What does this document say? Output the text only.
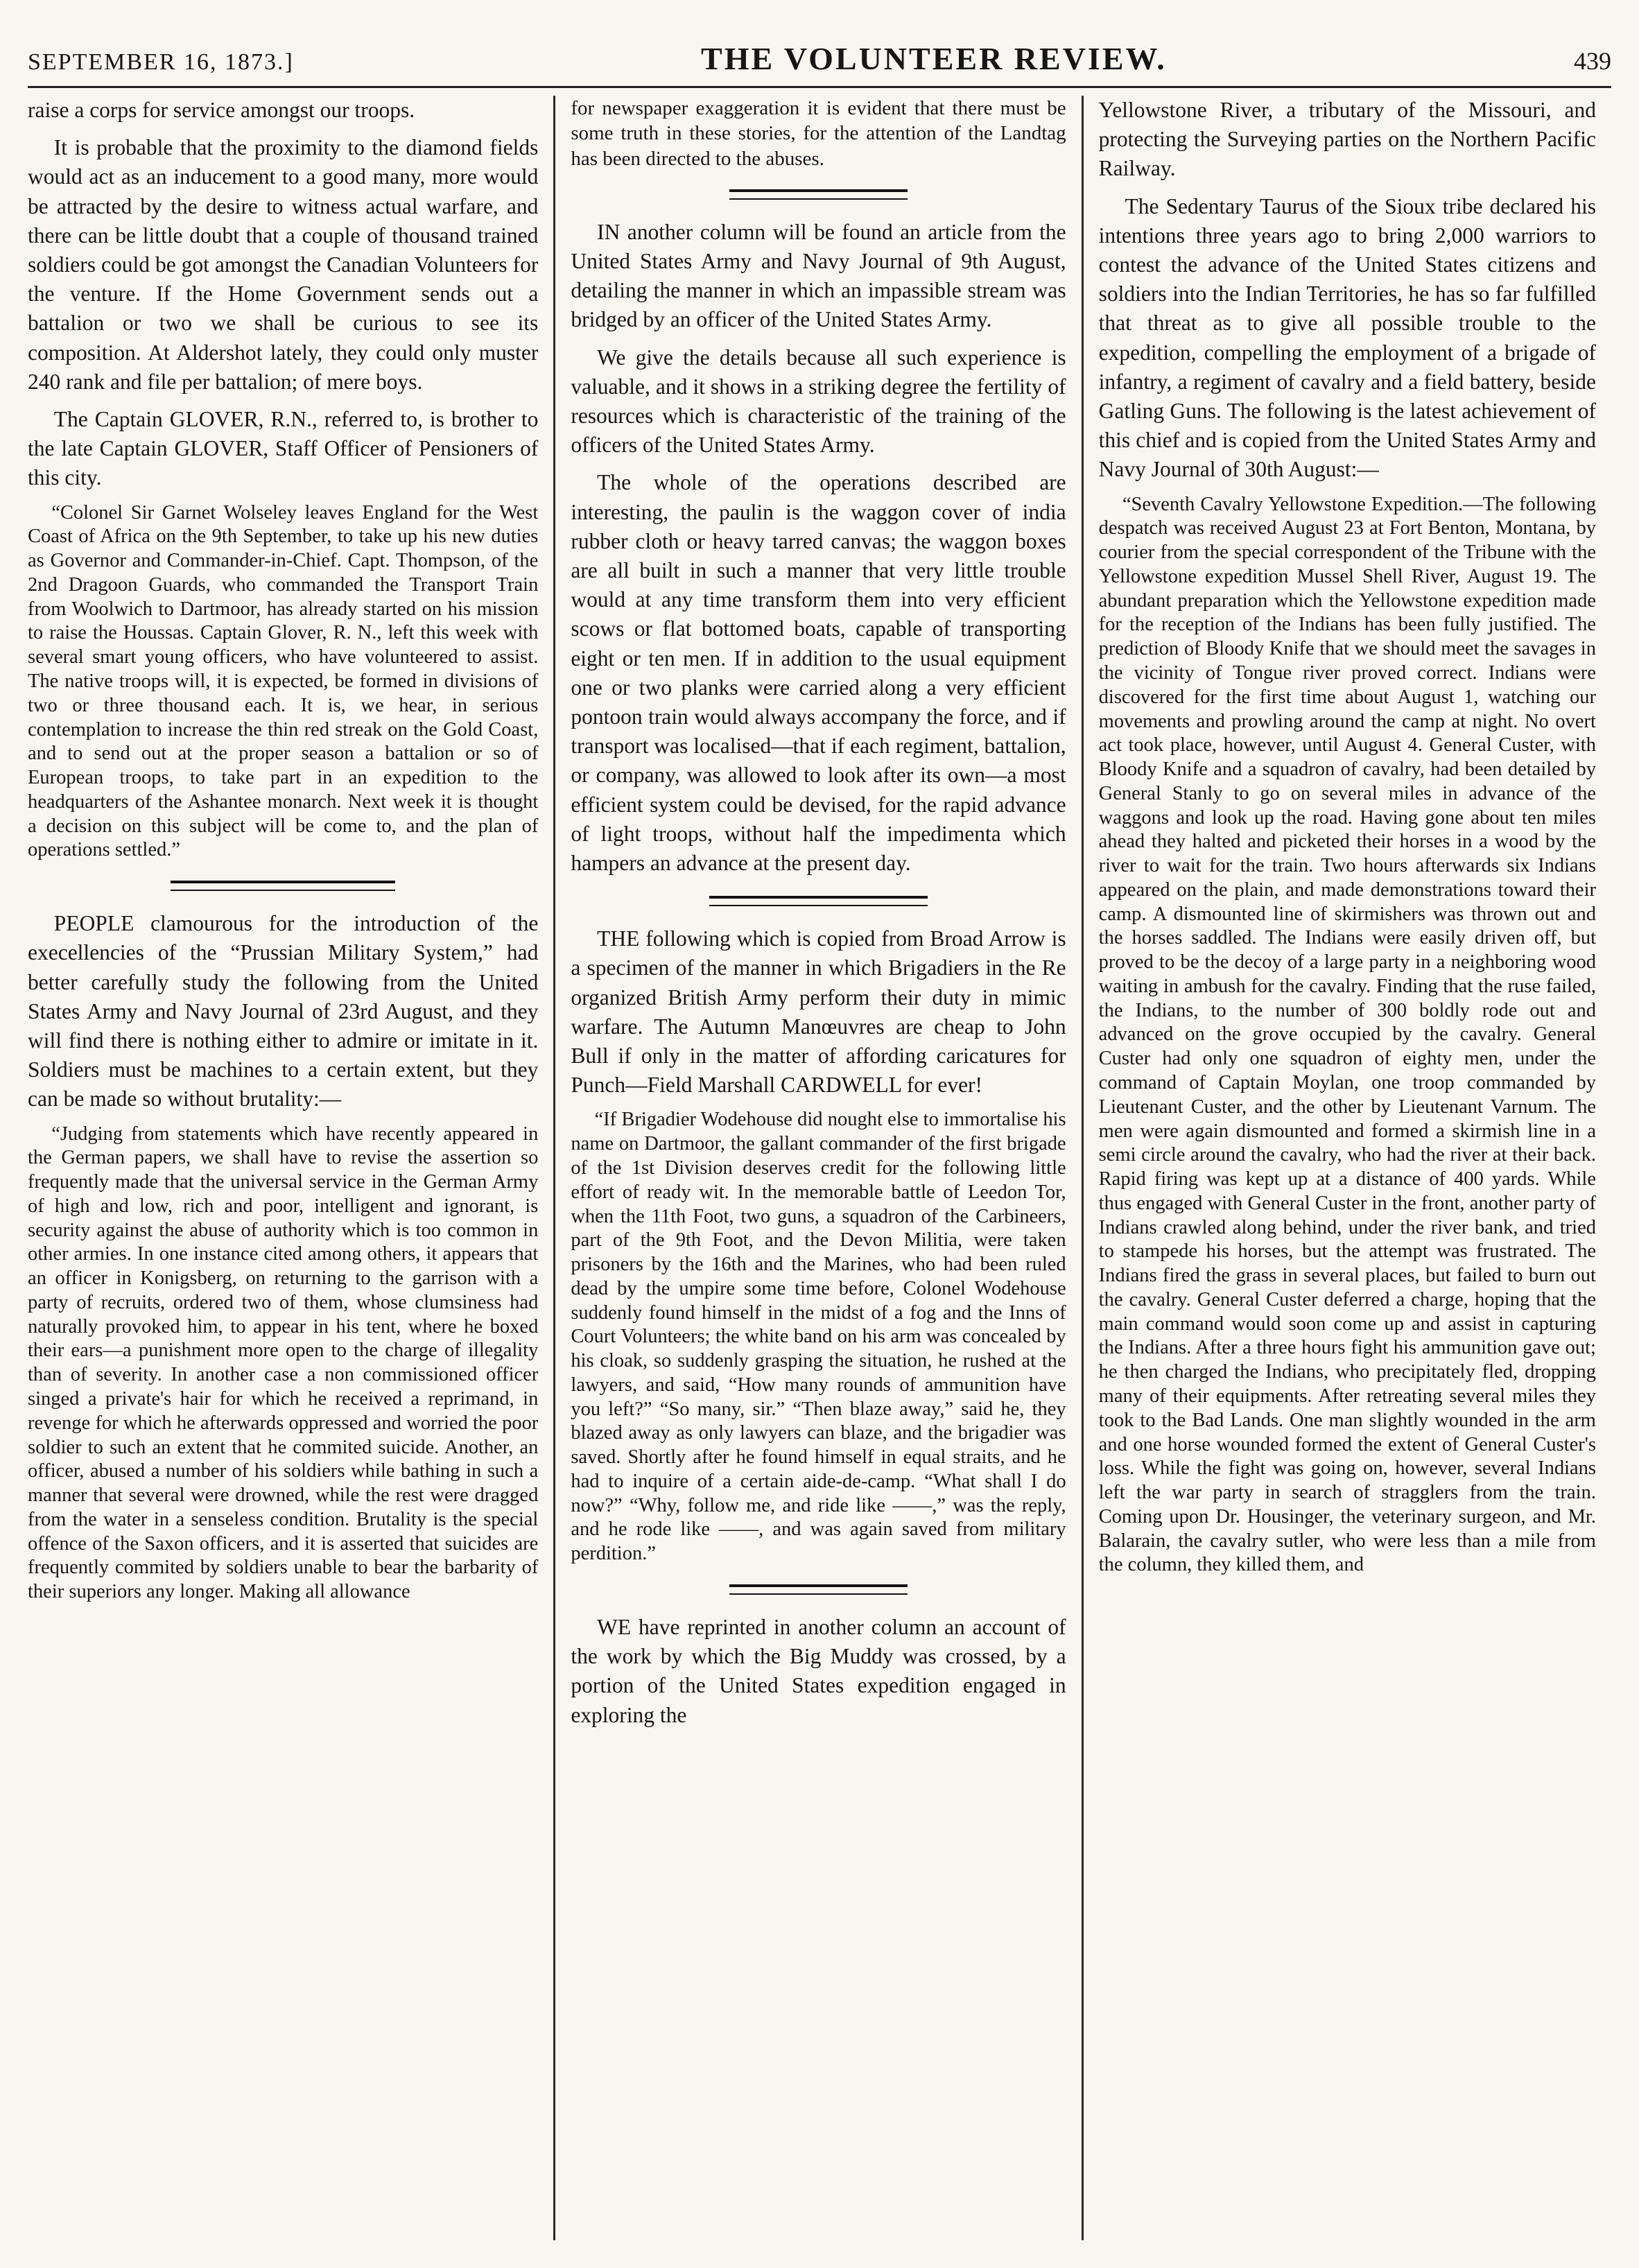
SEPTEMBER 16, 1873.]	THE VOLUNTEER REVIEW.	439

raise a corps for service amongst our troops.

It is probable that the proximity to the diamond fields would act as an inducement to a good many, more would be attracted by the desire to witness actual warfare, and there can be little doubt that a couple of thousand trained soldiers could be got amongst the Canadian Volunteers for the venture. If the Home Government sends out a battalion or two we shall be curious to see its composition. At Aldershot lately, they could only muster 240 rank and file per battalion; of mere boys.

The Captain GLOVER, R.N., referred to, is brother to the late Captain GLOVER, Staff Officer of Pensioners of this city.

“Colonel Sir Garnet Wolseley leaves England for the West Coast of Africa on the 9th September, to take up his new duties as Governor and Commander-in-Chief. Capt. Thompson, of the 2nd Dragoon Guards, who commanded the Transport Train from Woolwich to Dartmoor, has already started on his mission to raise the Houssas. Captain Glover, R. N., left this week with several smart young officers, who have volunteered to assist. The native troops will, it is expected, be formed in divisions of two or three thousand each. It is, we hear, in serious contemplation to increase the thin red streak on the Gold Coast, and to send out at the proper season a battalion or so of European troops, to take part in an expedition to the headquarters of the Ashantee monarch. Next week it is thought a decision on this subject will be come to, and the plan of operations settled.”

PEOPLE clamourous for the introduction of the execellencies of the “Prussian Military System,” had better carefully study the following from the United States Army and Navy Journal of 23rd August, and they will find there is nothing either to admire or imitate in it. Soldiers must be machines to a certain extent, but they can be made so without brutality:—

“Judging from statements which have recently appeared in the German papers, we shall have to revise the assertion so frequently made that the universal service in the German Army of high and low, rich and poor, intelligent and ignorant, is security against the abuse of authority which is too common in other armies. In one instance cited among others, it appears that an officer in Konigsberg, on returning to the garrison with a party of recruits, ordered two of them, whose clumsiness had naturally provoked him, to appear in his tent, where he boxed their ears—a punishment more open to the charge of illegality than of severity. In another case a non commissioned officer singed a private's hair for which he received a reprimand, in revenge for which he afterwards oppressed and worried the poor soldier to such an extent that he commited suicide. Another, an officer, abused a number of his soldiers while bathing in such a manner that several were drowned, while the rest were dragged from the water in a senseless condition. Brutality is the special offence of the Saxon officers, and it is asserted that suicides are frequently commited by soldiers unable to bear the barbarity of their superiors any longer. Making all allowance

for newspaper exaggeration it is evident that there must be some truth in these stories, for the attention of the Landtag has been directed to the abuses.

IN another column will be found an article from the United States Army and Navy Journal of 9th August, detailing the manner in which an impassible stream was bridged by an officer of the United States Army.

We give the details because all such experience is valuable, and it shows in a striking degree the fertility of resources which is characteristic of the training of the officers of the United States Army.

The whole of the operations described are interesting, the paulin is the waggon cover of india rubber cloth or heavy tarred canvas; the waggon boxes are all built in such a manner that very little trouble would at any time transform them into very efficient scows or flat bottomed boats, capable of transporting eight or ten men. If in addition to the usual equipment one or two planks were carried along a very efficient pontoon train would always accompany the force, and if transport was localised—that if each regiment, battalion, or company, was allowed to look after its own—a most efficient system could be devised, for the rapid advance of light troops, without half the impedimenta which hampers an advance at the present day.

THE following which is copied from Broad Arrow is a specimen of the manner in which Brigadiers in the Re organized British Army perform their duty in mimic warfare. The Autumn Manœuvres are cheap to John Bull if only in the matter of affording caricatures for Punch—Field Marshall CARDWELL for ever!

“If Brigadier Wodehouse did nought else to immortalise his name on Dartmoor, the gallant commander of the first brigade of the 1st Division deserves credit for the following little effort of ready wit. In the memorable battle of Leedon Tor, when the 11th Foot, two guns, a squadron of the Carbineers, part of the 9th Foot, and the Devon Militia, were taken prisoners by the 16th and the Marines, who had been ruled dead by the umpire some time before, Colonel Wodehouse suddenly found himself in the midst of a fog and the Inns of Court Volunteers; the white band on his arm was concealed by his cloak, so suddenly grasping the situation, he rushed at the lawyers, and said, “How many rounds of ammunition have you left?” “So many, sir.” “Then blaze away,” said he, they blazed away as only lawyers can blaze, and the brigadier was saved. Shortly after he found himself in equal straits, and he had to inquire of a certain aide-de-camp. “What shall I do now?” “Why, follow me, and ride like ——,” was the reply, and he rode like ——, and was again saved from military perdition.”

WE have reprinted in another column an account of the work by which the Big Muddy was crossed, by a portion of the United States expedition engaged in exploring the

Yellowstone River, a tributary of the Missouri, and protecting the Surveying parties on the Northern Pacific Railway.

The Sedentary Taurus of the Sioux tribe declared his intentions three years ago to bring 2,000 warriors to contest the advance of the United States citizens and soldiers into the Indian Territories, he has so far fulfilled that threat as to give all possible trouble to the expedition, compelling the employment of a brigade of infantry, a regiment of cavalry and a field battery, beside Gatling Guns. The following is the latest achievement of this chief and is copied from the United States Army and Navy Journal of 30th August:—

“Seventh Cavalry Yellowstone Expedition.—The following despatch was received August 23 at Fort Benton, Montana, by courier from the special correspondent of the Tribune with the Yellowstone expedition Mussel Shell River, August 19. The abundant preparation which the Yellowstone expedition made for the reception of the Indians has been fully justified. The prediction of Bloody Knife that we should meet the savages in the vicinity of Tongue river proved correct. Indians were discovered for the first time about August 1, watching our movements and prowling around the camp at night. No overt act took place, however, until August 4. General Custer, with Bloody Knife and a squadron of cavalry, had been detailed by General Stanly to go on several miles in advance of the waggons and look up the road. Having gone about ten miles ahead they halted and picketed their horses in a wood by the river to wait for the train. Two hours afterwards six Indians appeared on the plain, and made demonstrations toward their camp. A dismounted line of skirmishers was thrown out and the horses saddled. The Indians were easily driven off, but proved to be the decoy of a large party in a neighboring wood waiting in ambush for the cavalry. Finding that the ruse failed, the Indians, to the number of 300 boldly rode out and advanced on the grove occupied by the cavalry. General Custer had only one squadron of eighty men, under the command of Captain Moylan, one troop commanded by Lieutenant Custer, and the other by Lieutenant Varnum. The men were again dismounted and formed a skirmish line in a semi circle around the cavalry, who had the river at their back. Rapid firing was kept up at a distance of 400 yards. While thus engaged with General Custer in the front, another party of Indians crawled along behind, under the river bank, and tried to stampede his horses, but the attempt was frustrated. The Indians fired the grass in several places, but failed to burn out the cavalry. General Custer deferred a charge, hoping that the main command would soon come up and assist in capturing the Indians. After a three hours fight his ammunition gave out; he then charged the Indians, who precipitately fled, dropping many of their equipments. After retreating several miles they took to the Bad Lands. One man slightly wounded in the arm and one horse wounded formed the extent of General Custer's loss. While the fight was going on, however, several Indians left the war party in search of stragglers from the train. Coming upon Dr. Housinger, the veterinary surgeon, and Mr. Balarain, the cavalry sutler, who were less than a mile from the column, they killed them, and
